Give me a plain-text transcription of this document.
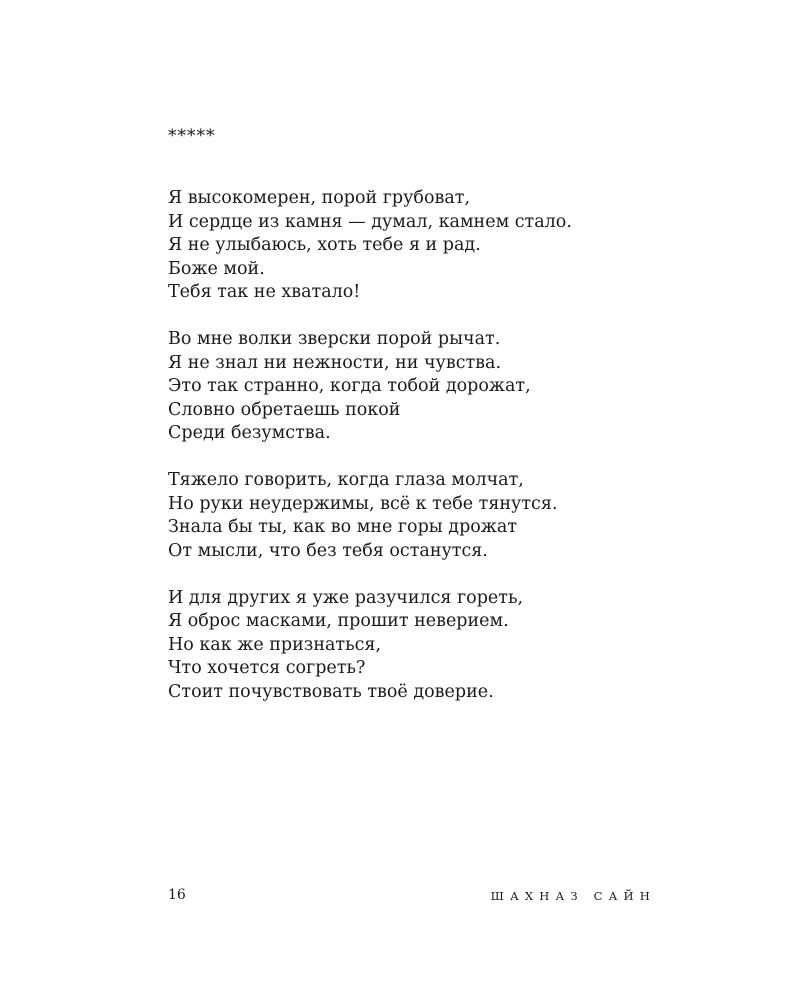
*****
Я высокомерен, порой грубоват,
И сердце из камня — думал, камнем стало.
Я не улыбаюсь, хоть тебе я и рад.
Боже мой.
Тебя так не хватало!
Во мне волки зверски порой рычат.
Я не знал ни нежности, ни чувства.
Это так странно, когда тобой дорожат,
Словно обретаешь покой
Среди безумства.
Тяжело говорить, когда глаза молчат,
Но руки неудержимы, всё к тебе тянутся.
Знала бы ты, как во мне горы дрожат
От мысли, что без тебя останутся.
И для других я уже разучился гореть,
Я оброс масками, прошит неверием.
Но как же признаться,
Что хочется согреть?
Стоит почувствовать твоё доверие.
16	ШАХНАЗ САЙН
